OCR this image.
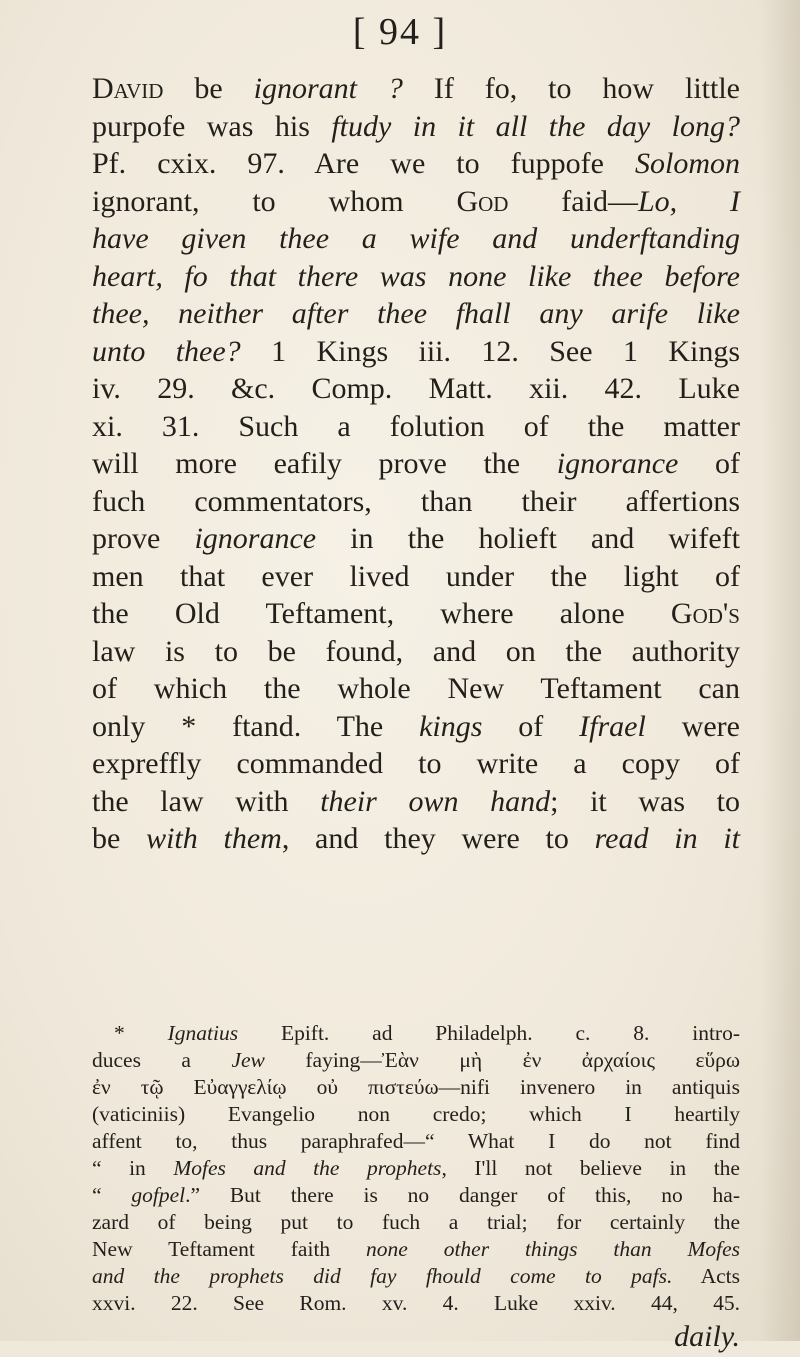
[ 94 ]
David be ignorant ? If fo, to how little
purpofe was his ftudy in it all the day long?
Pf. cxix. 97. Are we to fuppofe Solomon
ignorant, to whom God faid—Lo, I
have given thee a wife and underftanding
heart, fo that there was none like thee before
thee, neither after thee fhall any arife like
unto thee? 1 Kings iii. 12. See 1 Kings
iv. 29. &c. Comp. Matt. xii. 42. Luke
xi. 31. Such a folution of the matter
will more eafily prove the ignorance of
fuch commentators, than their affertions
prove ignorance in the holieft and wifeft
men that ever lived under the light of
the Old Teftament, where alone God's
law is to be found, and on the authority
of which the whole New Teftament can
only * ftand. The kings of Ifrael were
expreffly commanded to write a copy of
the law with their own hand; it was to
be with them, and they were to read in it
* Ignatius Epift. ad Philadelph. c. 8. intro-
duces a Jew faying—Ἐὰν μὴ ἐν ἀρχαίοις εὕρω
ἐν τῷ Εὐαγγελίῳ οὐ πιστεύω—nifi invenero in antiquis
(vaticiniis) Evangelio non credo; which I heartily
affent to, thus paraphrafed—“ What I do not find
“ in Mofes and the prophets, I'll not believe in the
“ gofpel.” But there is no danger of this, no ha-
zard of being put to fuch a trial; for certainly the
New Teftament faith none other things than Mofes
and the prophets did fay fhould come to pafs. Acts
xxvi. 22. See Rom. xv. 4. Luke xxiv. 44, 45.
daily.
